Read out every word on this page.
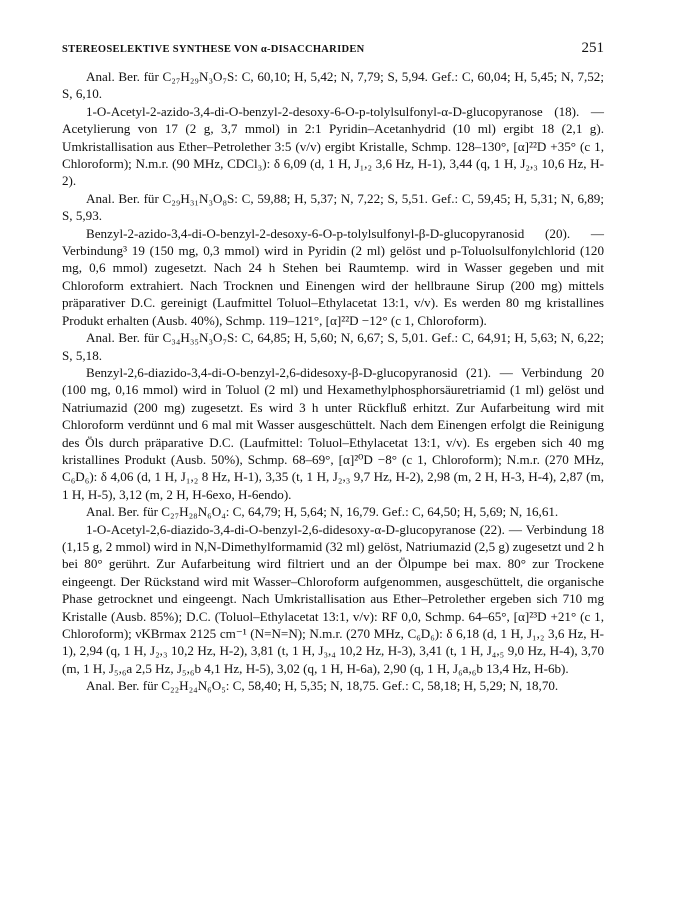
STEREOSELEKTIVE SYNTHESE VON α-DISACCHARIDEN	251

Anal. Ber. für C₂₇H₂₉N₃O₇S: C, 60,10; H, 5,42; N, 7,79; S, 5,94. Gef.: C, 60,04; H, 5,45; N, 7,52; S, 6,10.

1-O-Acetyl-2-azido-3,4-di-O-benzyl-2-desoxy-6-O-p-tolylsulfonyl-α-D-glucopyranose (18). — Acetylierung von 17 (2 g, 3,7 mmol) in 2:1 Pyridin–Acetanhydrid (10 ml) ergibt 18 (2,1 g). Umkristallisation aus Ether–Petrolether 3:5 (v/v) ergibt Kristalle, Schmp. 128–130°, [α]²²D +35° (c 1, Chloroform); N.m.r. (90 MHz, CDCl₃): δ 6,09 (d, 1 H, J₁,₂ 3,6 Hz, H-1), 3,44 (q, 1 H, J₂,₃ 10,6 Hz, H-2).

Anal. Ber. für C₂₉H₃₁N₃O₈S: C, 59,88; H, 5,37; N, 7,22; S, 5,51. Gef.: C, 59,45; H, 5,31; N, 6,89; S, 5,93.

Benzyl-2-azido-3,4-di-O-benzyl-2-desoxy-6-O-p-tolylsulfonyl-β-D-glucopyranosid (20). — Verbindung³ 19 (150 mg, 0,3 mmol) wird in Pyridin (2 ml) gelöst und p-Toluolsulfonylchlorid (120 mg, 0,6 mmol) zugesetzt. Nach 24 h Stehen bei Raumtemp. wird in Wasser gegeben und mit Chloroform extrahiert. Nach Trocknen und Einengen wird der hellbraune Sirup (200 mg) mittels präparativer D.C. gereinigt (Laufmittel Toluol–Ethylacetat 13:1, v/v). Es werden 80 mg kristallines Produkt erhalten (Ausb. 40%), Schmp. 119–121°, [α]²²D −12° (c 1, Chloroform).

Anal. Ber. für C₃₄H₃₅N₃O₇S: C, 64,85; H, 5,60; N, 6,67; S, 5,01. Gef.: C, 64,91; H, 5,63; N, 6,22; S, 5,18.

Benzyl-2,6-diazido-3,4-di-O-benzyl-2,6-didesoxy-β-D-glucopyranosid (21). — Verbindung 20 (100 mg, 0,16 mmol) wird in Toluol (2 ml) und Hexamethylphosphorsäuretriamid (1 ml) gelöst und Natriumazid (200 mg) zugesetzt. Es wird 3 h unter Rückfluß erhitzt. Zur Aufarbeitung wird mit Chloroform verdünnt und 6 mal mit Wasser ausgeschüttelt. Nach dem Einengen erfolgt die Reinigung des Öls durch präparative D.C. (Laufmittel: Toluol–Ethylacetat 13:1, v/v). Es ergeben sich 40 mg kristallines Produkt (Ausb. 50%), Schmp. 68–69°, [α]²⁰D −8° (c 1, Chloroform); N.m.r. (270 MHz, C₆D₆): δ 4,06 (d, 1 H, J₁,₂ 8 Hz, H-1), 3,35 (t, 1 H, J₂,₃ 9,7 Hz, H-2), 2,98 (m, 2 H, H-3, H-4), 2,87 (m, 1 H, H-5), 3,12 (m, 2 H, H-6exo, H-6endo).

Anal. Ber. für C₂₇H₂₈N₆O₄: C, 64,79; H, 5,64; N, 16,79. Gef.: C, 64,50; H, 5,69; N, 16,61.

1-O-Acetyl-2,6-diazido-3,4-di-O-benzyl-2,6-didesoxy-α-D-glucopyranose (22). — Verbindung 18 (1,15 g, 2 mmol) wird in N,N-Dimethylformamid (32 ml) gelöst, Natriumazid (2,5 g) zugesetzt und 2 h bei 80° gerührt. Zur Aufarbeitung wird filtriert und an der Ölpumpe bei max. 80° zur Trockene eingeengt. Der Rückstand wird mit Wasser–Chloroform aufgenommen, ausgeschüttelt, die organische Phase getrocknet und eingeengt. Nach Umkristallisation aus Ether–Petrolether ergeben sich 710 mg Kristalle (Ausb. 85%); D.C. (Toluol–Ethylacetat 13:1, v/v): RF 0,0, Schmp. 64–65°, [α]²³D +21° (c 1, Chloroform); νKBrmax 2125 cm⁻¹ (N=N=N); N.m.r. (270 MHz, C₆D₆): δ 6,18 (d, 1 H, J₁,₂ 3,6 Hz, H-1), 2,94 (q, 1 H, J₂,₃ 10,2 Hz, H-2), 3,81 (t, 1 H, J₃,₄ 10,2 Hz, H-3), 3,41 (t, 1 H, J₄,₅ 9,0 Hz, H-4), 3,70 (m, 1 H, J₅,₆a 2,5 Hz, J₅,₆b 4,1 Hz, H-5), 3,02 (q, 1 H, H-6a), 2,90 (q, 1 H, J₆a,₆b 13,4 Hz, H-6b).

Anal. Ber. für C₂₂H₂₄N₆O₅: C, 58,40; H, 5,35; N, 18,75. Gef.: C, 58,18; H, 5,29; N, 18,70.
